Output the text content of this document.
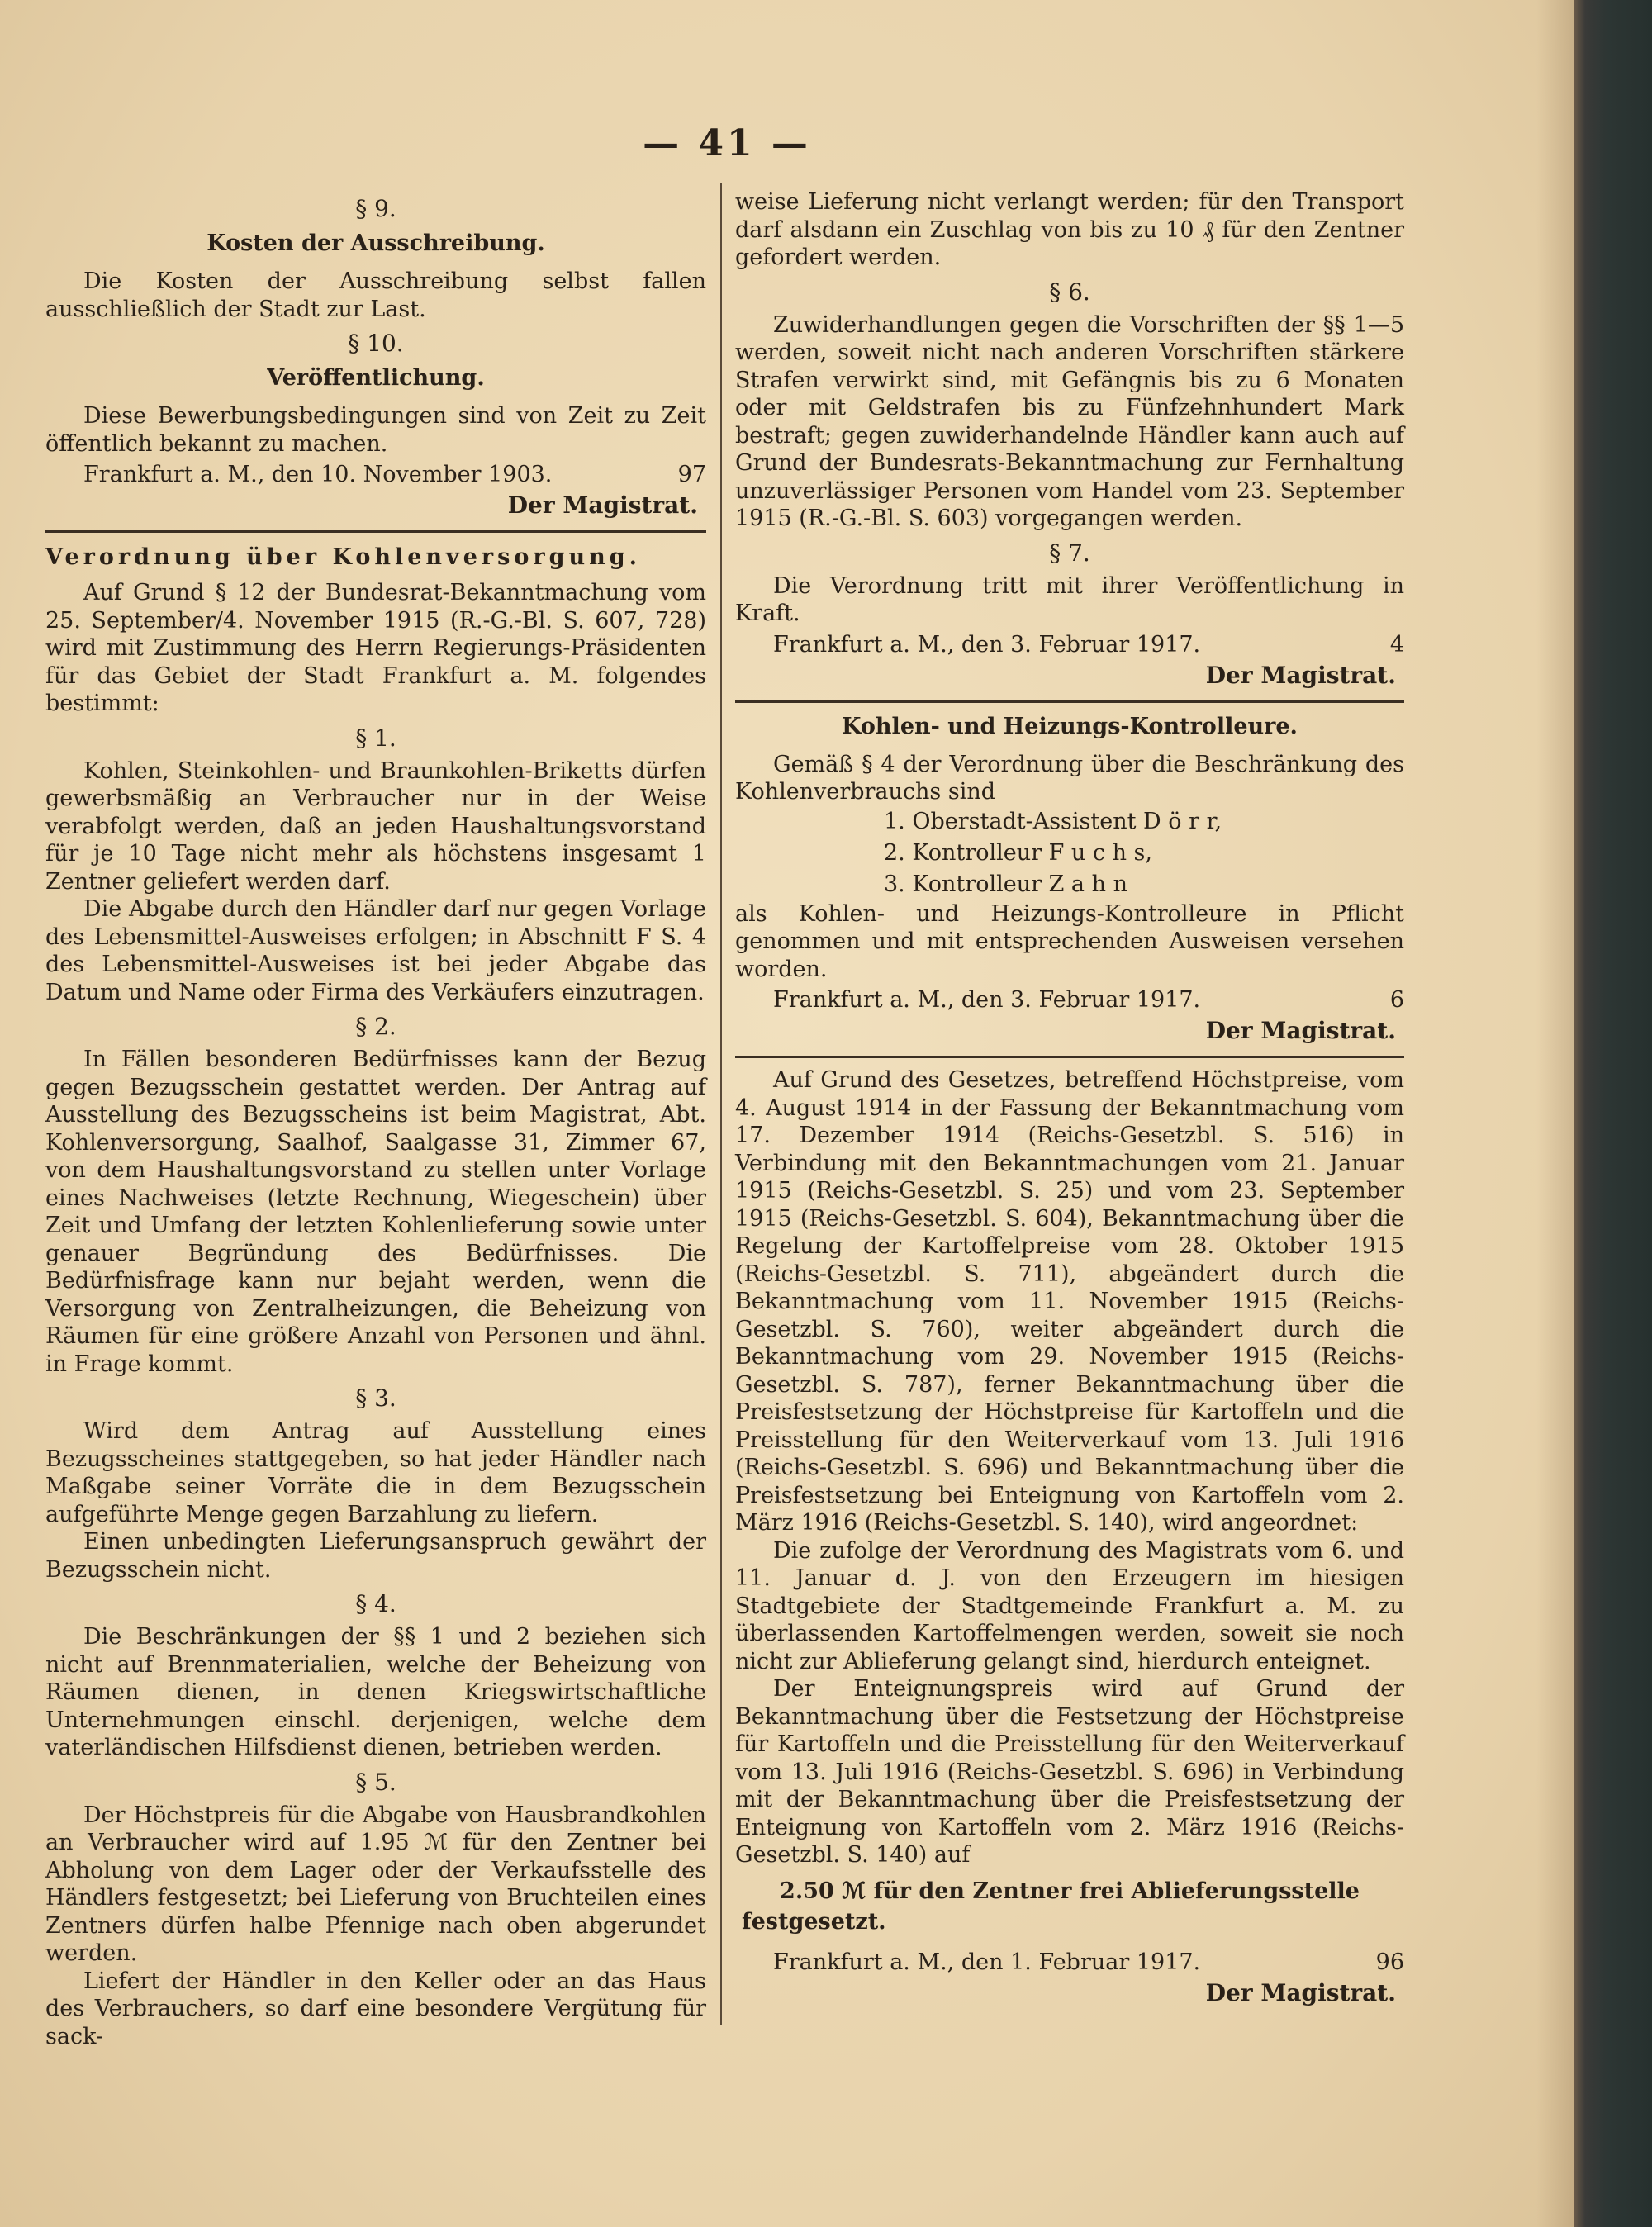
— 41 —
§ 9.
Kosten der Ausschreibung.

Die Kosten der Ausschreibung selbst fallen ausschließlich der Stadt zur Last.

§ 10.
Veröffentlichung.

Diese Bewerbungsbedingungen sind von Zeit zu Zeit öffentlich bekannt zu machen.

Frankfurt a. M., den 10. November 1903.	97
Der Magistrat.
Verordnung über Kohlenversorgung.

Auf Grund § 12 der Bundesrat-Bekanntmachung vom 25. September/4. November 1915 (R.-G.-Bl. S. 607, 728) wird mit Zustimmung des Herrn Regierungs-Präsidenten für das Gebiet der Stadt Frankfurt a. M. folgendes bestimmt:

§ 1.

Kohlen, Steinkohlen- und Braunkohlen-Briketts dürfen gewerbsmäßig an Verbraucher nur in der Weise verabfolgt werden, daß an jeden Haushaltungsvorstand für je 10 Tage nicht mehr als höchstens insgesamt 1 Zentner geliefert werden darf.

Die Abgabe durch den Händler darf nur gegen Vorlage des Lebensmittel-Ausweises erfolgen; in Abschnitt F S. 4 des Lebensmittel-Ausweises ist bei jeder Abgabe das Datum und Name oder Firma des Verkäufers einzutragen.

§ 2.

In Fällen besonderen Bedürfnisses kann der Bezug gegen Bezugsschein gestattet werden. Der Antrag auf Ausstellung des Bezugsscheins ist beim Magistrat, Abt. Kohlenversorgung, Saalhof, Saalgasse 31, Zimmer 67, von dem Haushaltungsvorstand zu stellen unter Vorlage eines Nachweises (letzte Rechnung, Wiegeschein) über Zeit und Umfang der letzten Kohlenlieferung sowie unter genauer Begründung des Bedürfnisses. Die Bedürfnisfrage kann nur bejaht werden, wenn die Versorgung von Zentralheizungen, die Beheizung von Räumen für eine größere Anzahl von Personen und ähnl. in Frage kommt.

§ 3.

Wird dem Antrag auf Ausstellung eines Bezugsscheines stattgegeben, so hat jeder Händler nach Maßgabe seiner Vorräte die in dem Bezugsschein aufgeführte Menge gegen Barzahlung zu liefern.

Einen unbedingten Lieferungsanspruch gewährt der Bezugsschein nicht.

§ 4.

Die Beschränkungen der §§ 1 und 2 beziehen sich nicht auf Brennmaterialien, welche der Beheizung von Räumen dienen, in denen Kriegswirtschaftliche Unternehmungen einschl. derjenigen, welche dem vaterländischen Hilfsdienst dienen, betrieben werden.

§ 5.

Der Höchstpreis für die Abgabe von Hausbrandkohlen an Verbraucher wird auf 1.95 ℳ für den Zentner bei Abholung von dem Lager oder der Verkaufsstelle des Händlers festgesetzt; bei Lieferung von Bruchteilen eines Zentners dürfen halbe Pfennige nach oben abgerundet werden.

Liefert der Händler in den Keller oder an das Haus des Verbrauchers, so darf eine besondere Vergütung für sack-

weise Lieferung nicht verlangt werden; für den Transport darf alsdann ein Zuschlag von bis zu 10 ₰ für den Zentner gefordert werden.

§ 6.

Zuwiderhandlungen gegen die Vorschriften der §§ 1—5 werden, soweit nicht nach anderen Vorschriften stärkere Strafen verwirkt sind, mit Gefängnis bis zu 6 Monaten oder mit Geldstrafen bis zu Fünfzehnhundert Mark bestraft; gegen zuwiderhandelnde Händler kann auch auf Grund der Bundesrats-Bekanntmachung zur Fernhaltung unzuverlässiger Personen vom Handel vom 23. September 1915 (R.-G.-Bl. S. 603) vorgegangen werden.

§ 7.

Die Verordnung tritt mit ihrer Veröffentlichung in Kraft.

Frankfurt a. M., den 3. Februar 1917.	4
Der Magistrat.
Kohlen- und Heizungs-Kontrolleure.

Gemäß § 4 der Verordnung über die Beschränkung des Kohlenverbrauchs sind

1. Oberstadt-Assistent D ö r r,
2. Kontrolleur F u c h s,
3. Kontrolleur Z a h n

als Kohlen- und Heizungs-Kontrolleure in Pflicht genommen und mit entsprechenden Ausweisen versehen worden.

Frankfurt a. M., den 3. Februar 1917.	6
Der Magistrat.

Auf Grund des Gesetzes, betreffend Höchstpreise, vom 4. August 1914 in der Fassung der Bekanntmachung vom 17. Dezember 1914 (Reichs-Gesetzbl. S. 516) in Verbindung mit den Bekanntmachungen vom 21. Januar 1915 (Reichs-Gesetzbl. S. 25) und vom 23. September 1915 (Reichs-Gesetzbl. S. 604), Bekanntmachung über die Regelung der Kartoffelpreise vom 28. Oktober 1915 (Reichs-Gesetzbl. S. 711), abgeändert durch die Bekanntmachung vom 11. November 1915 (Reichs-Gesetzbl. S. 760), weiter abgeändert durch die Bekanntmachung vom 29. November 1915 (Reichs-Gesetzbl. S. 787), ferner Bekanntmachung über die Preisfestsetzung der Höchstpreise für Kartoffeln und die Preisstellung für den Weiterverkauf vom 13. Juli 1916 (Reichs-Gesetzbl. S. 696) und Bekanntmachung über die Preisfestsetzung bei Enteignung von Kartoffeln vom 2. März 1916 (Reichs-Gesetzbl. S. 140), wird angeordnet:

Die zufolge der Verordnung des Magistrats vom 6. und 11. Januar d. J. von den Erzeugern im hiesigen Stadtgebiete der Stadtgemeinde Frankfurt a. M. zu überlassenden Kartoffelmengen werden, soweit sie noch nicht zur Ablieferung gelangt sind, hierdurch enteignet.

Der Enteignungspreis wird auf Grund der Bekanntmachung über die Festsetzung der Höchstpreise für Kartoffeln und die Preisstellung für den Weiterverkauf vom 13. Juli 1916 (Reichs-Gesetzbl. S. 696) in Verbindung mit der Bekanntmachung über die Preisfestsetzung der Enteignung von Kartoffeln vom 2. März 1916 (Reichs-Gesetzbl. S. 140) auf

2.50 ℳ für den Zentner frei Ablieferungsstelle
festgesetzt.
Frankfurt a. M., den 1. Februar 1917.	96
Der Magistrat.
